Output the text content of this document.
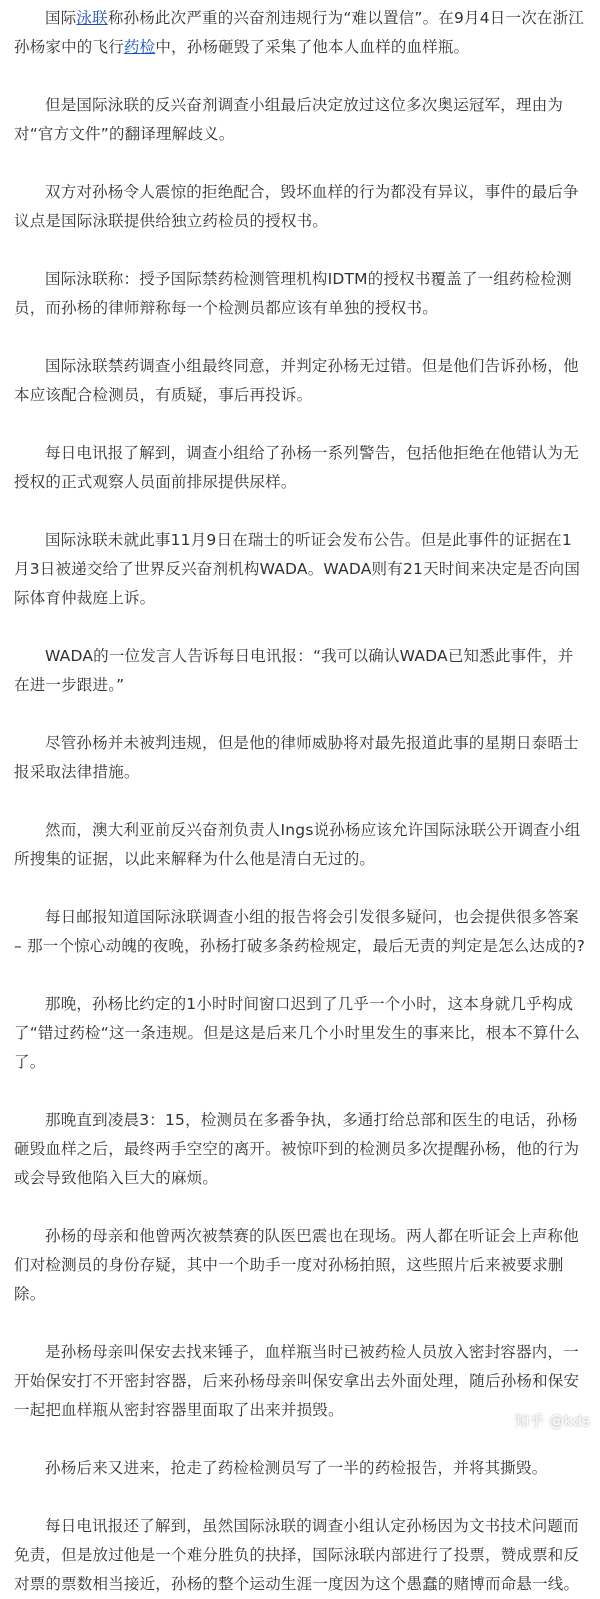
国际泳联称孙杨此次严重的兴奋剂违规行为“难以置信”。在9月4日一次在浙江孙杨家中的飞行药检中，孙杨砸毁了采集了他本人血样的血样瓶。

但是国际泳联的反兴奋剂调查小组最后决定放过这位多次奥运冠军，理由为对“官方文件”的翻译理解歧义。

双方对孙杨令人震惊的拒绝配合，毁坏血样的行为都没有异议，事件的最后争议点是国际泳联提供给独立药检员的授权书。

国际泳联称：授予国际禁药检测管理机构IDTM的授权书覆盖了一组药检检测员，而孙杨的律师辩称每一个检测员都应该有单独的授权书。

国际泳联禁药调查小组最终同意，并判定孙杨无过错。但是他们告诉孙杨，他本应该配合检测员，有质疑，事后再投诉。

每日电讯报了解到，调查小组给了孙杨一系列警告，包括他拒绝在他错认为无授权的正式观察人员面前排尿提供尿样。

国际泳联未就此事11月9日在瑞士的听证会发布公告。但是此事件的证据在1月3日被递交给了世界反兴奋剂机构WADA。WADA则有21天时间来决定是否向国际体育仲裁庭上诉。

WADA的一位发言人告诉每日电讯报：“我可以确认WADA已知悉此事件，并在进一步跟进。”

尽管孙杨并未被判违规，但是他的律师威胁将对最先报道此事的星期日泰晤士报采取法律措施。

然而，澳大利亚前反兴奋剂负责人Ings说孙杨应该允许国际泳联公开调查小组所搜集的证据，以此来解释为什么他是清白无过的。

每日邮报知道国际泳联调查小组的报告将会引发很多疑问，也会提供很多答案 – 那一个惊心动魄的夜晚，孙杨打破多条药检规定，最后无责的判定是怎么达成的?

那晚，孙杨比约定的1小时时间窗口迟到了几乎一个小时，这本身就几乎构成了“错过药检“这一条违规。但是这是后来几个小时里发生的事来比，根本不算什么了。

那晚直到凌晨3：15，检测员在多番争执，多通打给总部和医生的电话，孙杨砸毁血样之后，最终两手空空的离开。被惊吓到的检测员多次提醒孙杨，他的行为或会导致他陷入巨大的麻烦。

孙杨的母亲和他曾两次被禁赛的队医巴震也在现场。两人都在听证会上声称他们对检测员的身份存疑，其中一个助手一度对孙杨拍照，这些照片后来被要求删除。

是孙杨母亲叫保安去找来锤子，血样瓶当时已被药检人员放入密封容器内，一开始保安打不开密封容器，后来孙杨母亲叫保安拿出去外面处理，随后孙杨和保安一起把血样瓶从密封容器里面取了出来并损毁。

孙杨后来又进来，抢走了药检检测员写了一半的药检报告，并将其撕毁。

每日电讯报还了解到，虽然国际泳联的调查小组认定孙杨因为文书技术问题而免责，但是放过他是一个难分胜负的抉择，国际泳联内部进行了投票，赞成票和反对票的票数相当接近，孙杨的整个运动生涯一度因为这个愚蠢的赌博而命悬一线。

知乎 @kds
